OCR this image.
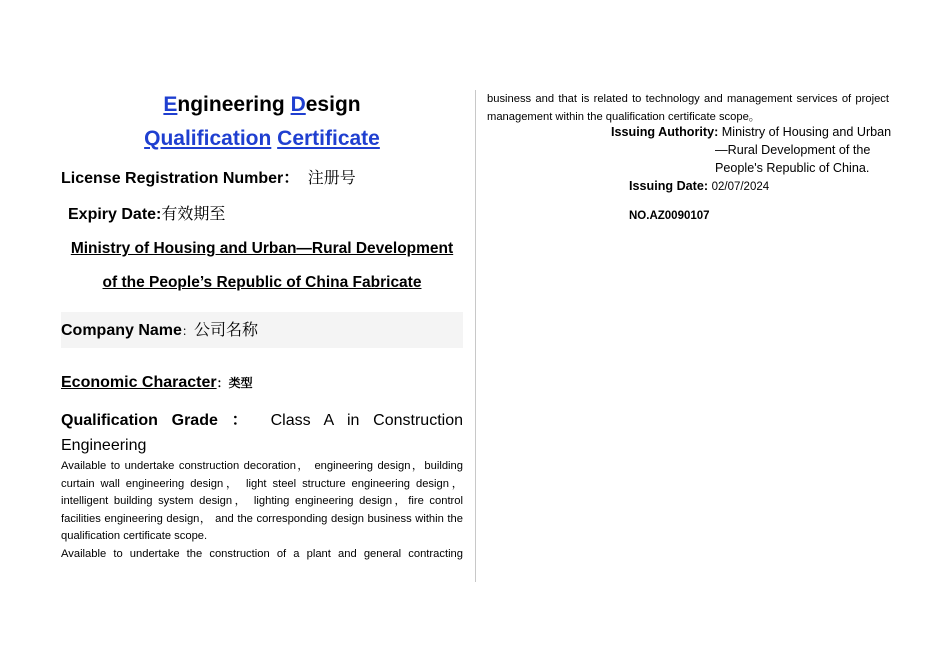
Engineering Design
Qualification Certificate
License Registration Number： 注册号
Expiry Date:有效期至
Ministry of Housing and Urban—Rural Development
of the People’s Republic of China Fabricate
Company Name：公司名称
Economic Character：类型
Qualification Grade ： Class A in Construction
Engineering
Available to undertake construction decoration， engineering design，building curtain wall engineering design， light steel structure engineering design， intelligent building system design， lighting engineering design，fire control facilities engineering design， and the corresponding design business within the qualification certificate scope.
Available to undertake the construction of a plant and general contracting
business and that is related to technology and management services of project management within the qualification certificate scope。
Issuing Authority: Ministry of Housing and Urban
—Rural Development of the
People's Republic of China.
Issuing Date: 02/07/2024
NO.AZ0090107
